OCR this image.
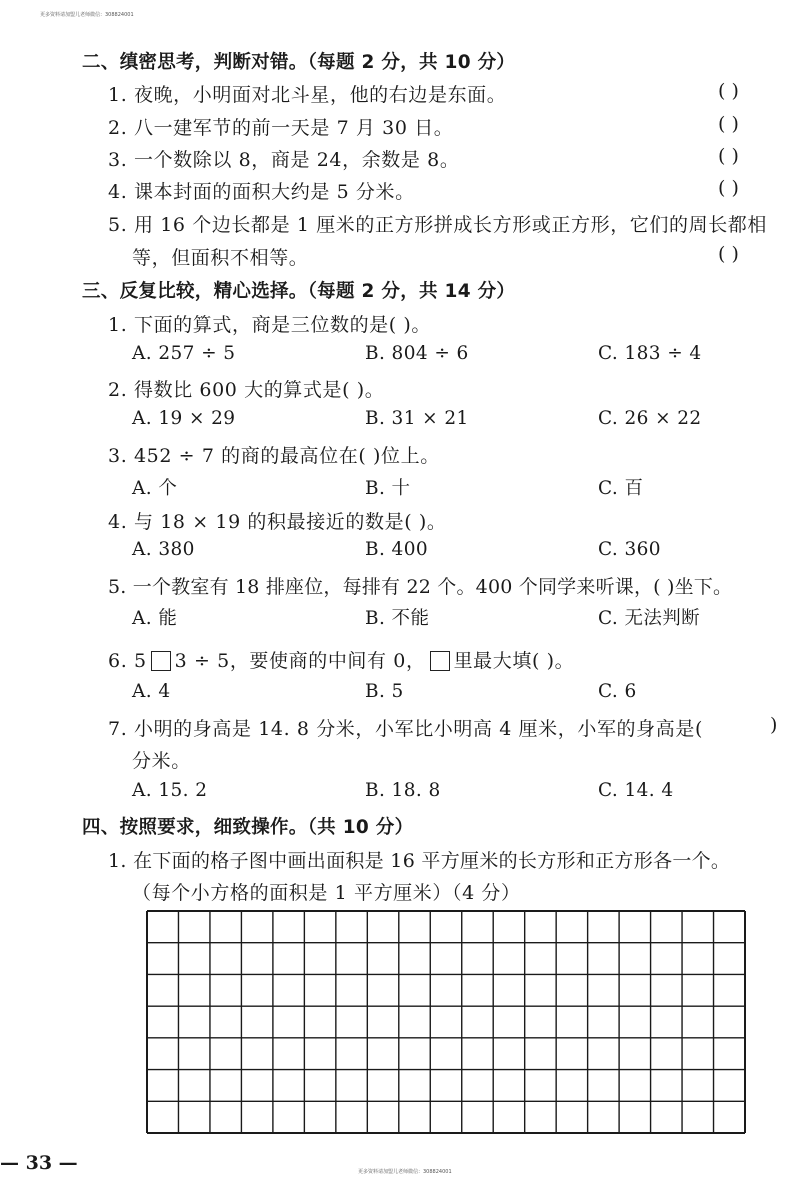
更多资料请加盟儿老师微信：308824001
二、缜密思考，判断对错。（每题 2 分，共 10 分）
1. 夜晚，小明面对北斗星，他的右边是东面。	( )
2. 八一建军节的前一天是 7 月 30 日。	( )
3. 一个数除以 8，商是 24，余数是 8。	( )
4. 课本封面的面积大约是 5 分米。	( )
5. 用 16 个边长都是 1 厘米的正方形拼成长方形或正方形，它们的周长都相
等，但面积不相等。	( )
三、反复比较，精心选择。（每题 2 分，共 14 分）
1. 下面的算式，商是三位数的是( )。
A. 257 ÷ 5	B. 804 ÷ 6	C. 183 ÷ 4
2. 得数比 600 大的算式是( )。
A. 19 × 29	B. 31 × 21	C. 26 × 22
3. 452 ÷ 7 的商的最高位在( )位上。
A. 个	B. 十	C. 百
4. 与 18 × 19 的积最接近的数是( )。
A. 380	B. 400	C. 360
5. 一个教室有 18 排座位，每排有 22 个。400 个同学来听课，( )坐下。
A. 能	B. 不能	C. 无法判断
6. 5 3 ÷ 5，要使商的中间有 0， 里最大填( )。
A. 4	B. 5	C. 6
7. 小明的身高是 14. 8 分米，小军比小明高 4 厘米，小军的身高是(	)
分米。
A. 15. 2	B. 18. 8	C. 14. 4
四、按照要求，细致操作。（共 10 分）
1. 在下面的格子图中画出面积是 16 平方厘米的长方形和正方形各一个。
（每个小方格的面积是 1 平方厘米）（4 分）
— 33 —	更多资料请加盟儿老师微信：308824001
